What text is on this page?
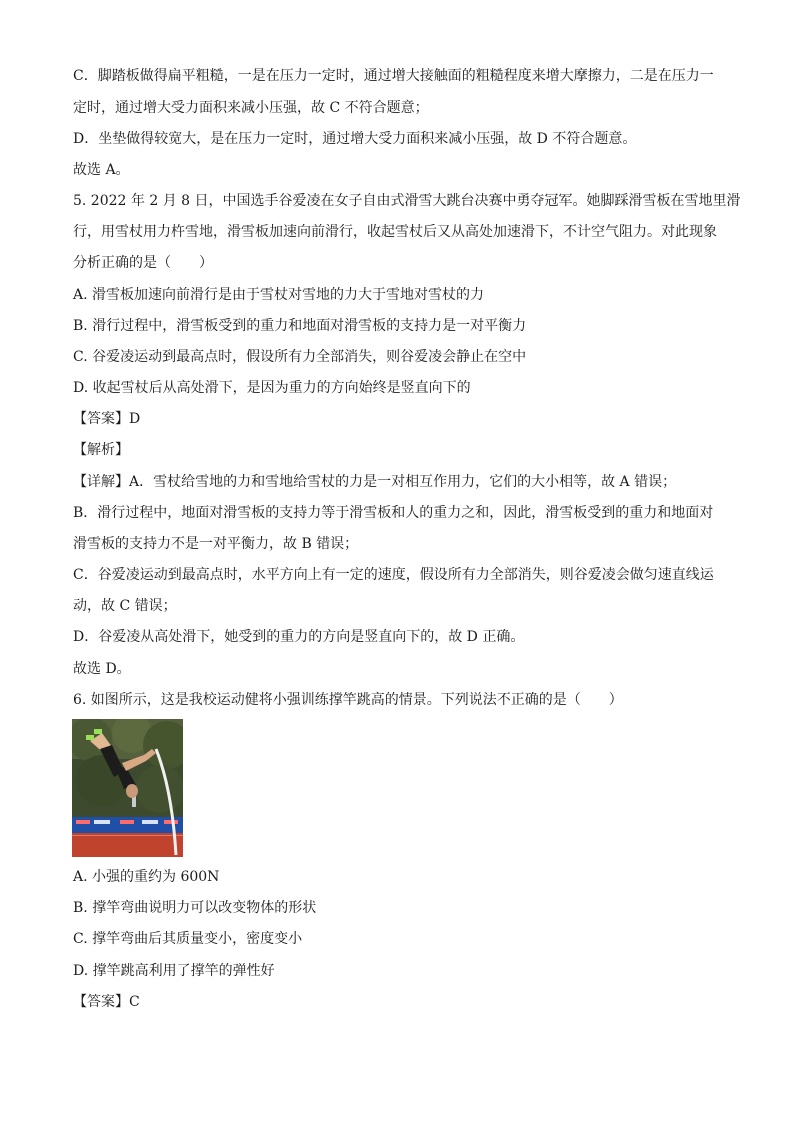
C．脚踏板做得扁平粗糙，一是在压力一定时，通过增大接触面的粗糙程度来增大摩擦力，二是在压力一
定时，通过增大受力面积来减小压强，故 C 不符合题意；
D．坐垫做得较宽大，是在压力一定时，通过增大受力面积来减小压强，故 D 不符合题意。
故选 A。
5. 2022 年 2 月 8 日，中国选手谷爱凌在女子自由式滑雪大跳台决赛中勇夺冠军。她脚踩滑雪板在雪地里滑
行，用雪杖用力杵雪地，滑雪板加速向前滑行，收起雪杖后又从高处加速滑下，不计空气阻力。对此现象
分析正确的是（　　）
A. 滑雪板加速向前滑行是由于雪杖对雪地的力大于雪地对雪杖的力
B. 滑行过程中，滑雪板受到的重力和地面对滑雪板的支持力是一对平衡力
C. 谷爱凌运动到最高点时，假设所有力全部消失，则谷爱凌会静止在空中
D. 收起雪杖后从高处滑下，是因为重力的方向始终是竖直向下的
【答案】D
【解析】
【详解】A．雪杖给雪地的力和雪地给雪杖的力是一对相互作用力，它们的大小相等，故 A 错误；
B．滑行过程中，地面对滑雪板的支持力等于滑雪板和人的重力之和，因此，滑雪板受到的重力和地面对
滑雪板的支持力不是一对平衡力，故 B 错误；
C．谷爱凌运动到最高点时，水平方向上有一定的速度，假设所有力全部消失，则谷爱凌会做匀速直线运
动，故 C 错误；
D．谷爱凌从高处滑下，她受到的重力的方向是竖直向下的，故 D 正确。
故选 D。
6. 如图所示，这是我校运动健将小强训练撑竿跳高的情景。下列说法不正确的是（　　）
A. 小强的重约为 600N
B. 撑竿弯曲说明力可以改变物体的形状
C. 撑竿弯曲后其质量变小，密度变小
D. 撑竿跳高利用了撑竿的弹性好
【答案】C
